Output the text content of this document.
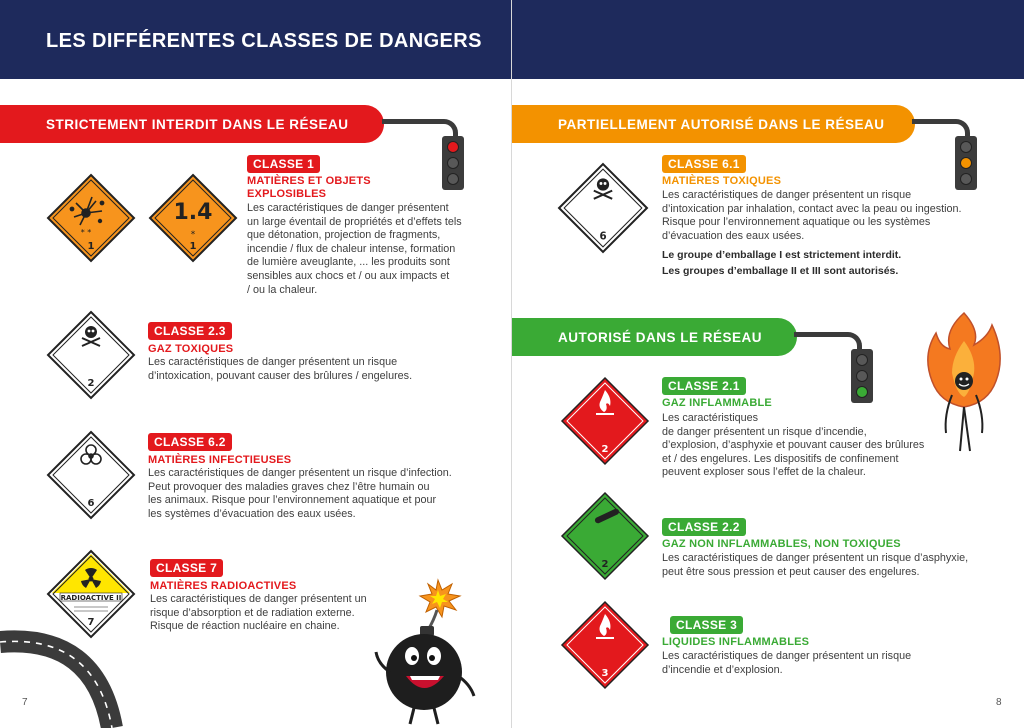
LES DIFFÉRENTES CLASSES DE DANGERS
STRICTEMENT INTERDIT DANS LE RÉSEAU
* *
1
1.4
*
1
CLASSE 1
MATIÈRES ET OBJETS
EXPLOSIBLES
Les caractéristiques de danger présentent
un large éventail de propriétés et d’effets tels
que détonation, projection de fragments,
incendie / flux de chaleur intense, formation
de lumière aveuglante, ... les produits sont
sensibles aux chocs et / ou aux impacts et
/ ou la chaleur.
2
CLASSE 2.3
GAZ TOXIQUES
Les caractéristiques de danger présentent un risque
d’intoxication, pouvant causer des brûlures / engelures.
6
CLASSE 6.2
MATIÈRES INFECTIEUSES
Les caractéristiques de danger présentent un risque d’infection.
Peut provoquer des maladies graves chez l’être humain ou
les animaux. Risque pour l’environnement aquatique et pour
les systèmes d’évacuation des eaux usées.
RADIOACTIVE II
7
CLASSE 7
MATIÈRES RADIOACTIVES
Les caractéristiques de danger présentent un
risque d’absorption et de radiation externe.
Risque de réaction nucléaire en chaine.
7
PARTIELLEMENT AUTORISÉ DANS LE RÉSEAU
6
CLASSE 6.1
MATIÈRES TOXIQUES
Les caractéristiques de danger présentent un risque
d’intoxication par inhalation, contact avec la peau ou ingestion.
Risque pour l’environnement aquatique ou les systèmes
d’évacuation des eaux usées.
Le groupe d’emballage I est strictement interdit.
Les groupes d’emballage II et III sont autorisés.
AUTORISÉ DANS LE RÉSEAU
2
CLASSE 2.1
GAZ INFLAMMABLE
Les caractéristiques
de danger présentent un risque d’incendie,
d’explosion, d’asphyxie et pouvant causer des brûlures
et / des engelures. Les dispositifs de confinement
peuvent exploser sous l’effet de la chaleur.
2
CLASSE 2.2
GAZ NON INFLAMMABLES, NON TOXIQUES
Les caractéristiques de danger présentent un risque d’asphyxie,
peut être sous pression et peut causer des engelures.
3
CLASSE 3
LIQUIDES INFLAMMABLES
Les caractéristiques de danger présentent un risque
d’incendie et d’explosion.
8
